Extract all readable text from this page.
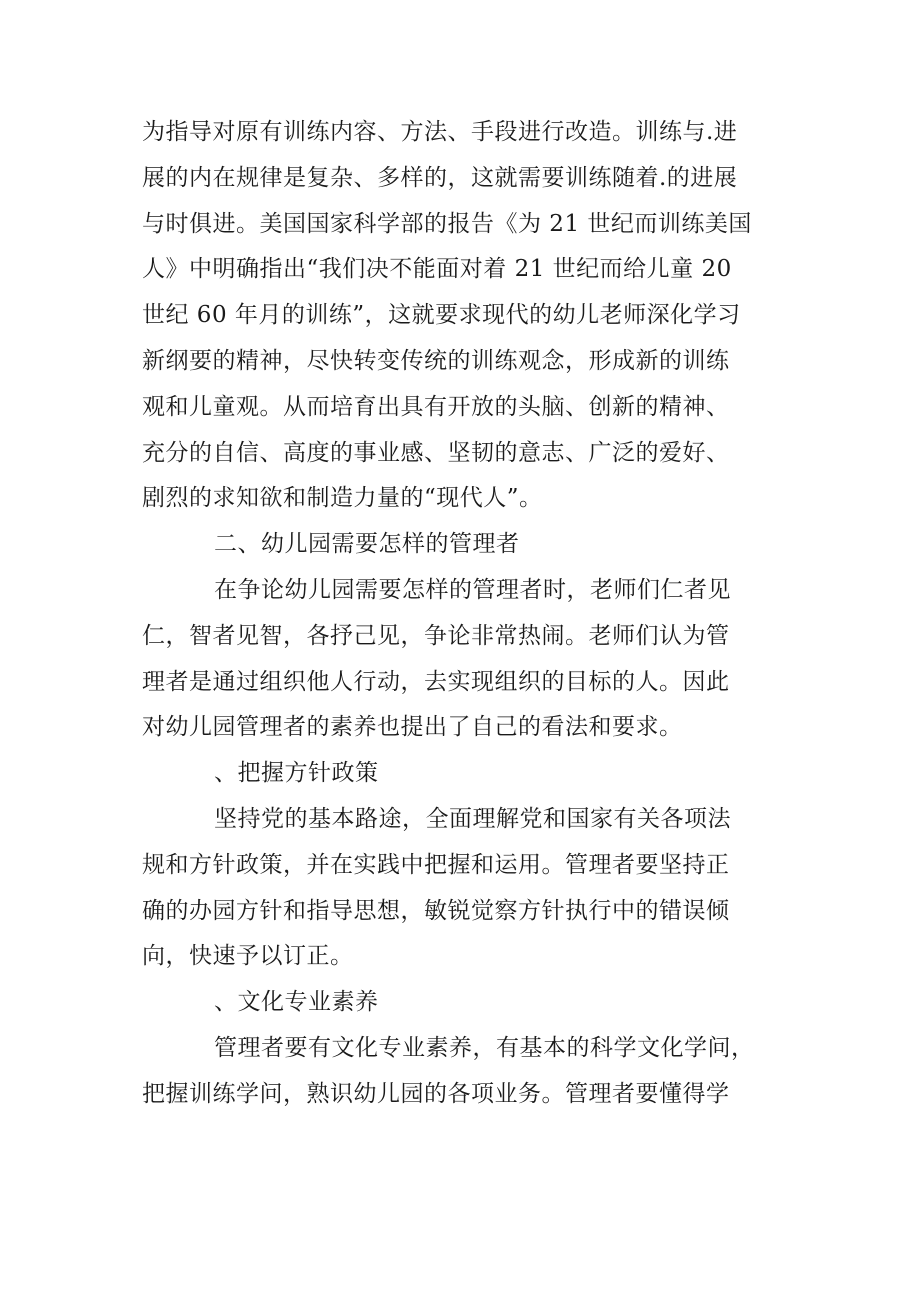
为指导对原有训练内容、方法、手段进行改造。训练与.进
展的内在规律是复杂、多样的，这就需要训练随着.的进展
与时俱进。美国国家科学部的报告《为 21 世纪而训练美国
人》中明确指出“我们决不能面对着 21 世纪而给儿童 20
世纪 60 年月的训练”，这就要求现代的幼儿老师深化学习
新纲要的精神，尽快转变传统的训练观念，形成新的训练
观和儿童观。从而培育出具有开放的头脑、创新的精神、
充分的自信、高度的事业感、坚韧的意志、广泛的爱好、
剧烈的求知欲和制造力量的“现代人”。
二、幼儿园需要怎样的管理者
在争论幼儿园需要怎样的管理者时，老师们仁者见
仁，智者见智，各抒己见，争论非常热闹。老师们认为管
理者是通过组织他人行动，去实现组织的目标的人。因此
对幼儿园管理者的素养也提出了自己的看法和要求。
、把握方针政策
坚持党的基本路途，全面理解党和国家有关各项法
规和方针政策，并在实践中把握和运用。管理者要坚持正
确的办园方针和指导思想，敏锐觉察方针执行中的错误倾
向，快速予以订正。
、文化专业素养
管理者要有文化专业素养，有基本的科学文化学问，
把握训练学问，熟识幼儿园的各项业务。管理者要懂得学
